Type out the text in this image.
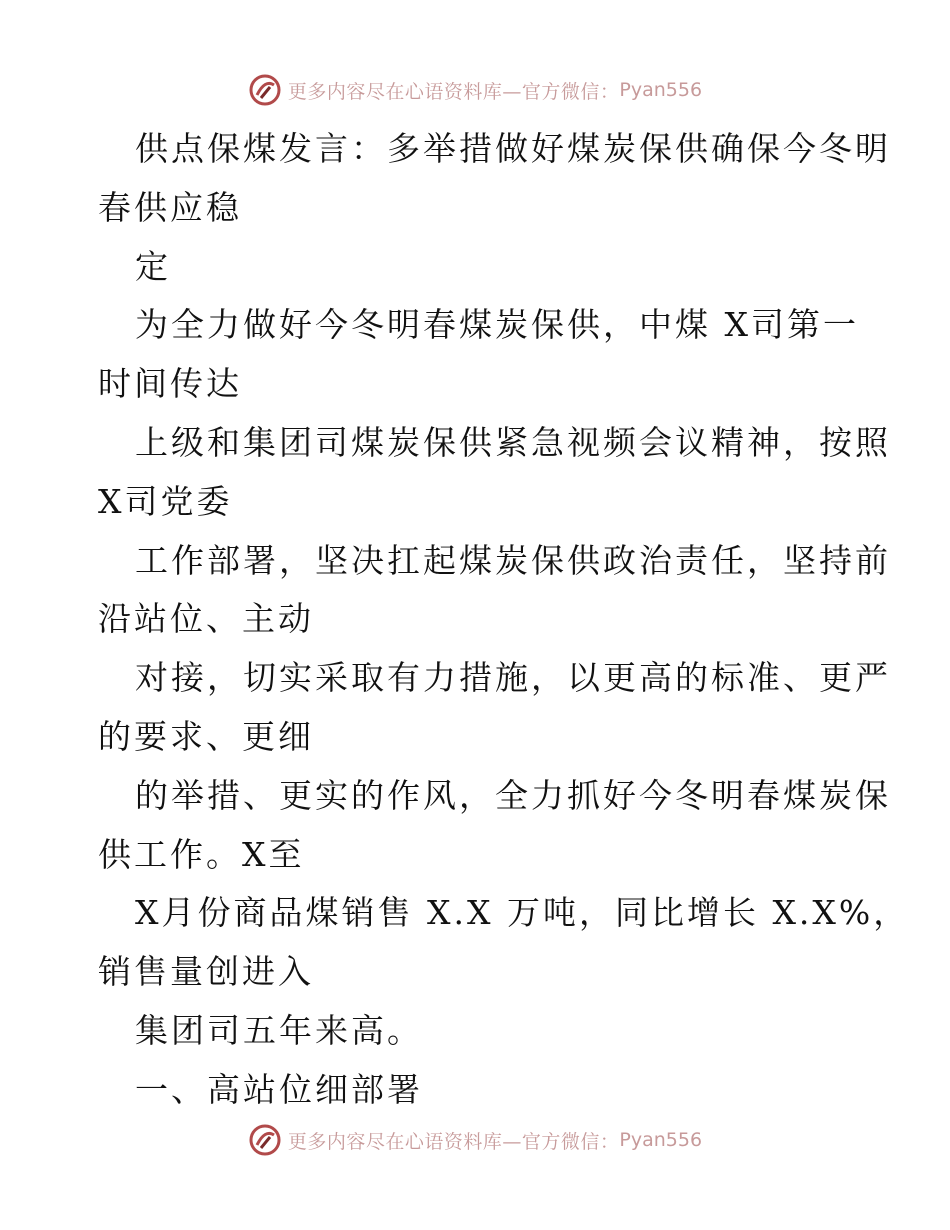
更多内容尽在心语资料库—官方微信： Pyan556
供点保煤发言：多举措做好煤炭保供确保今冬明
春供应稳
定
为全力做好今冬明春煤炭保供，中煤 X司第一
时间传达
上级和集团司煤炭保供紧急视频会议精神，按照
X司党委
工作部署，坚决扛起煤炭保供政治责任，坚持前
沿站位、主动
对接，切实采取有力措施，以更高的标准、更严
的要求、更细
的举措、更实的作风，全力抓好今冬明春煤炭保
供工作。X至
X月份商品煤销售 X.X 万吨，同比增长 X.X%，
销售量创进入
集团司五年来高。
一、高站位细部署
更多内容尽在心语资料库—官方微信： Pyan556
